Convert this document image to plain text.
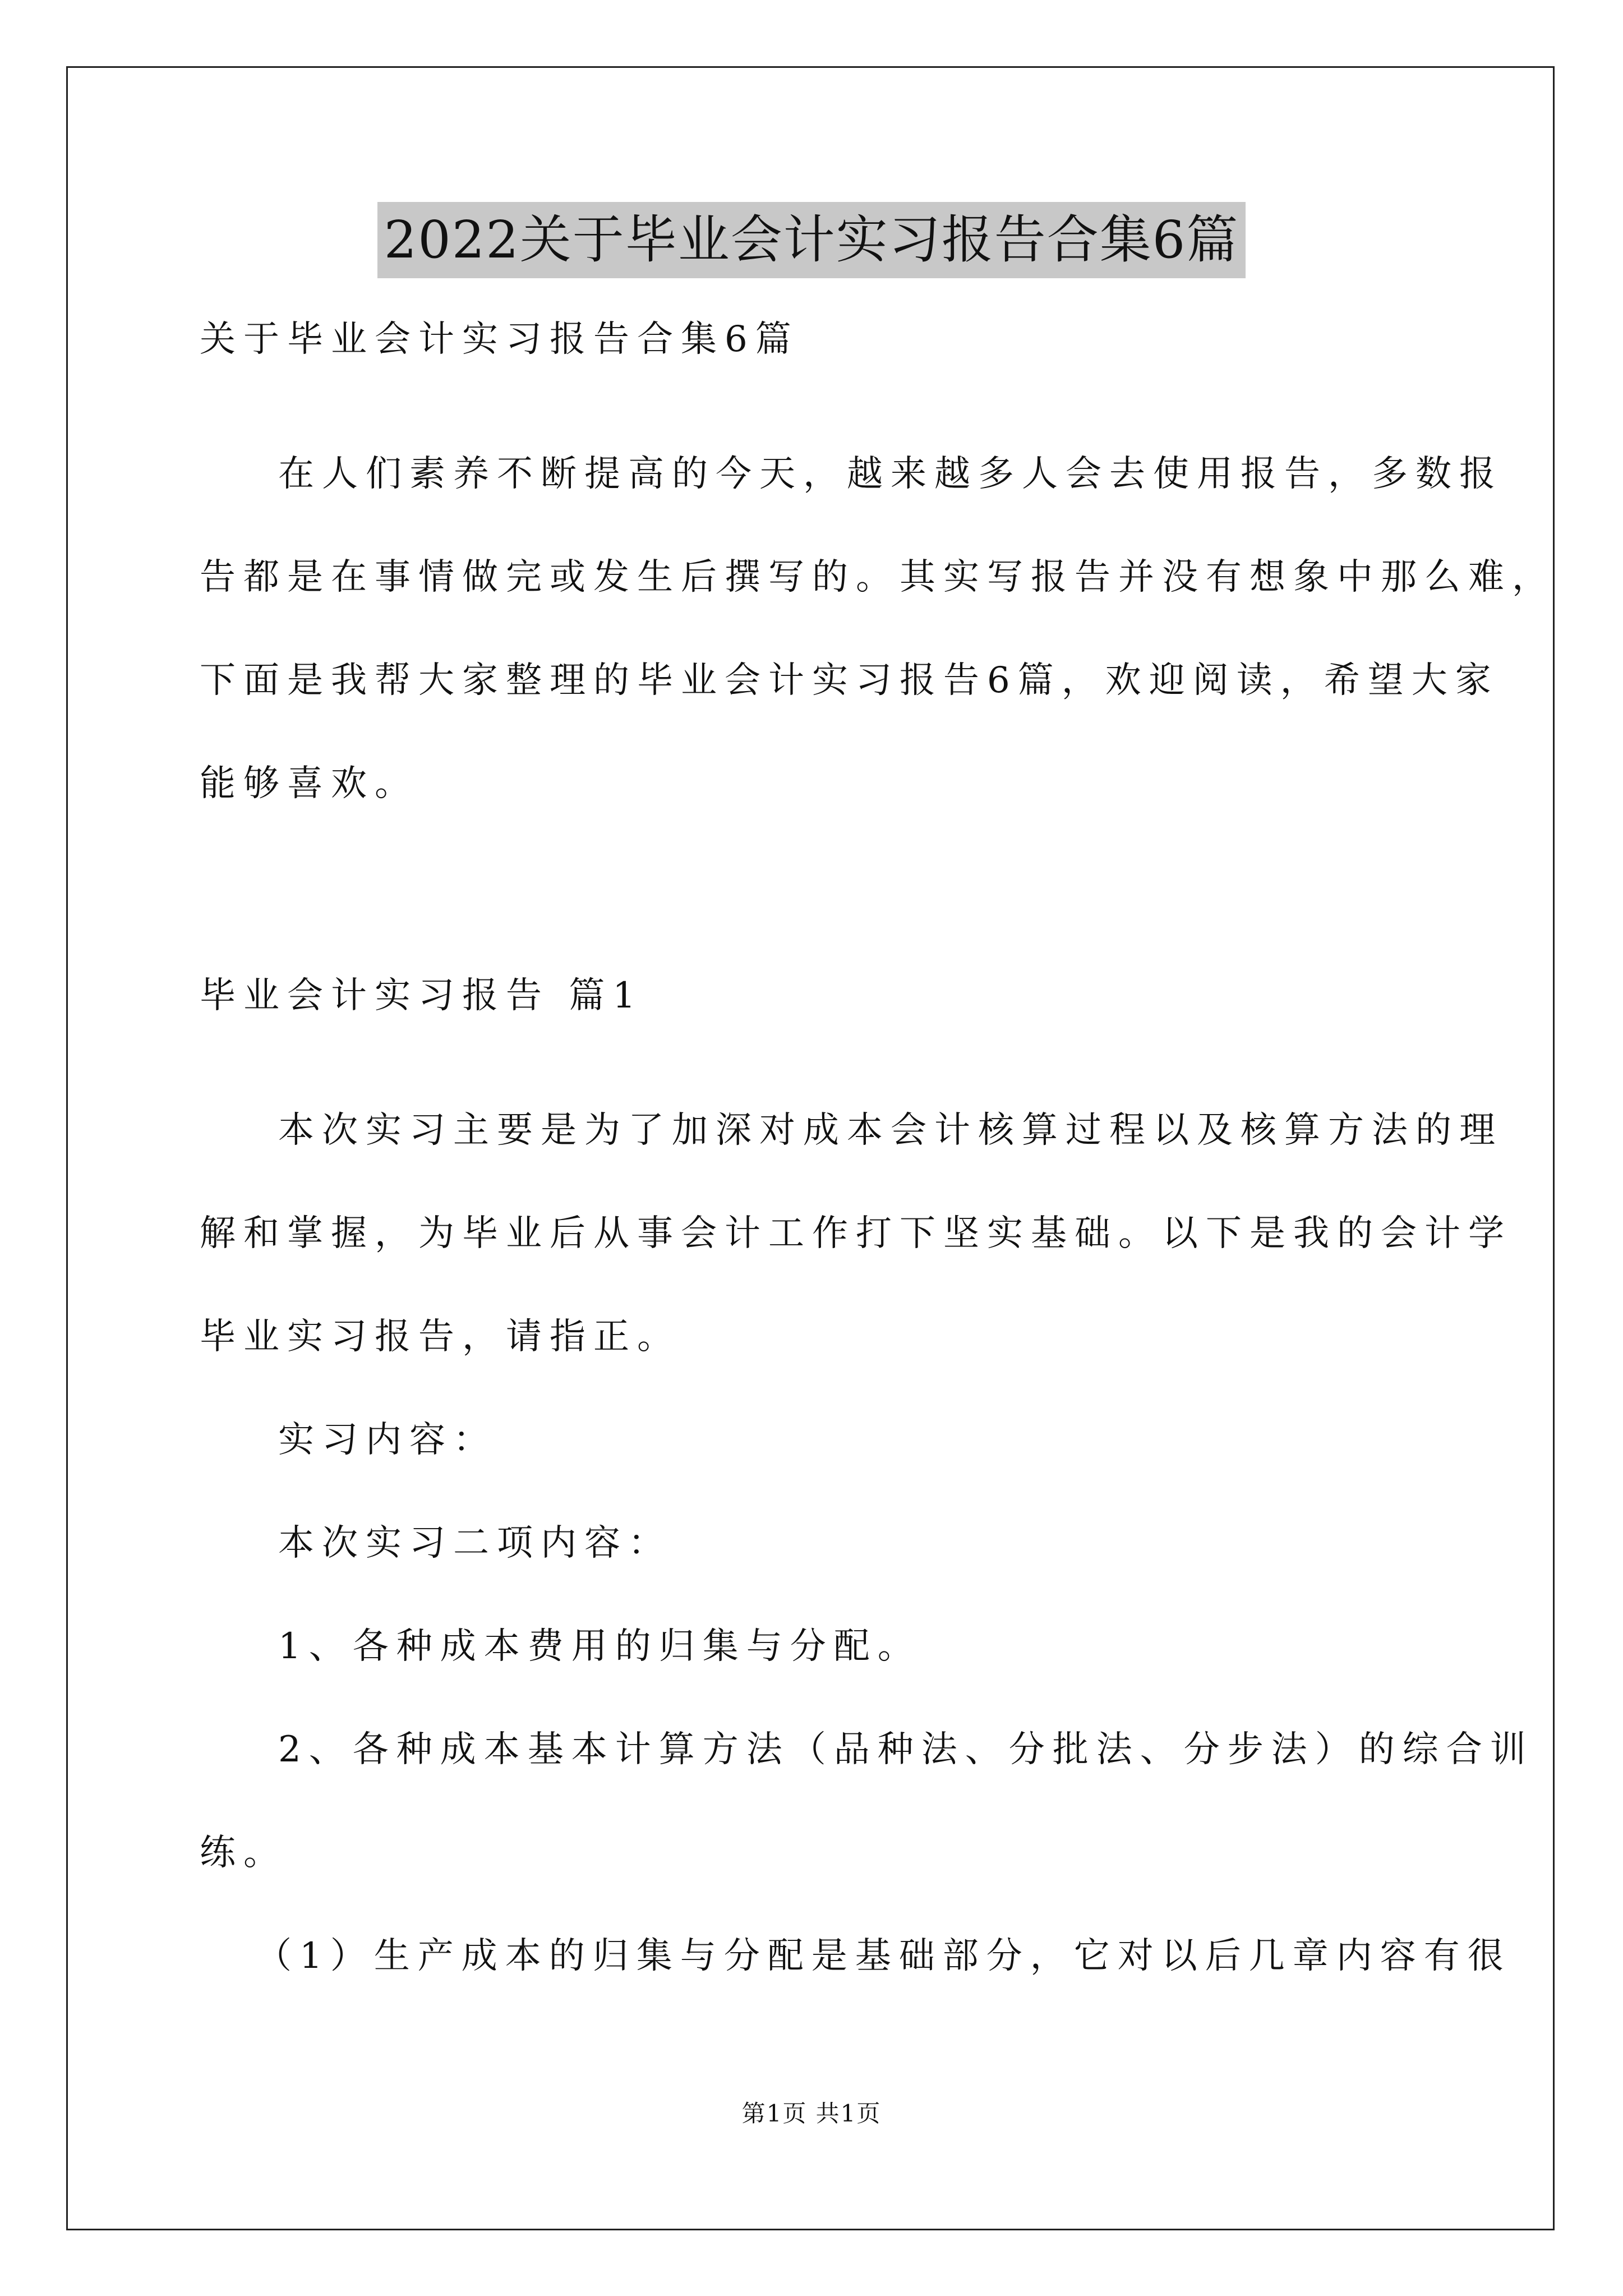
2022关于毕业会计实习报告合集6篇
关于毕业会计实习报告合集6篇
在人们素养不断提高的今天，越来越多人会去使用报告，多数报
告都是在事情做完或发生后撰写的。其实写报告并没有想象中那么难，
下面是我帮大家整理的毕业会计实习报告6篇，欢迎阅读，希望大家
能够喜欢。
毕业会计实习报告 篇1
本次实习主要是为了加深对成本会计核算过程以及核算方法的理
解和掌握，为毕业后从事会计工作打下坚实基础。以下是我的会计学
毕业实习报告，请指正。
实习内容：
本次实习二项内容：
1、各种成本费用的归集与分配。
2、各种成本基本计算方法（品种法、分批法、分步法）的综合训
练。
（1）生产成本的归集与分配是基础部分，它对以后几章内容有很
第1页 共1页
